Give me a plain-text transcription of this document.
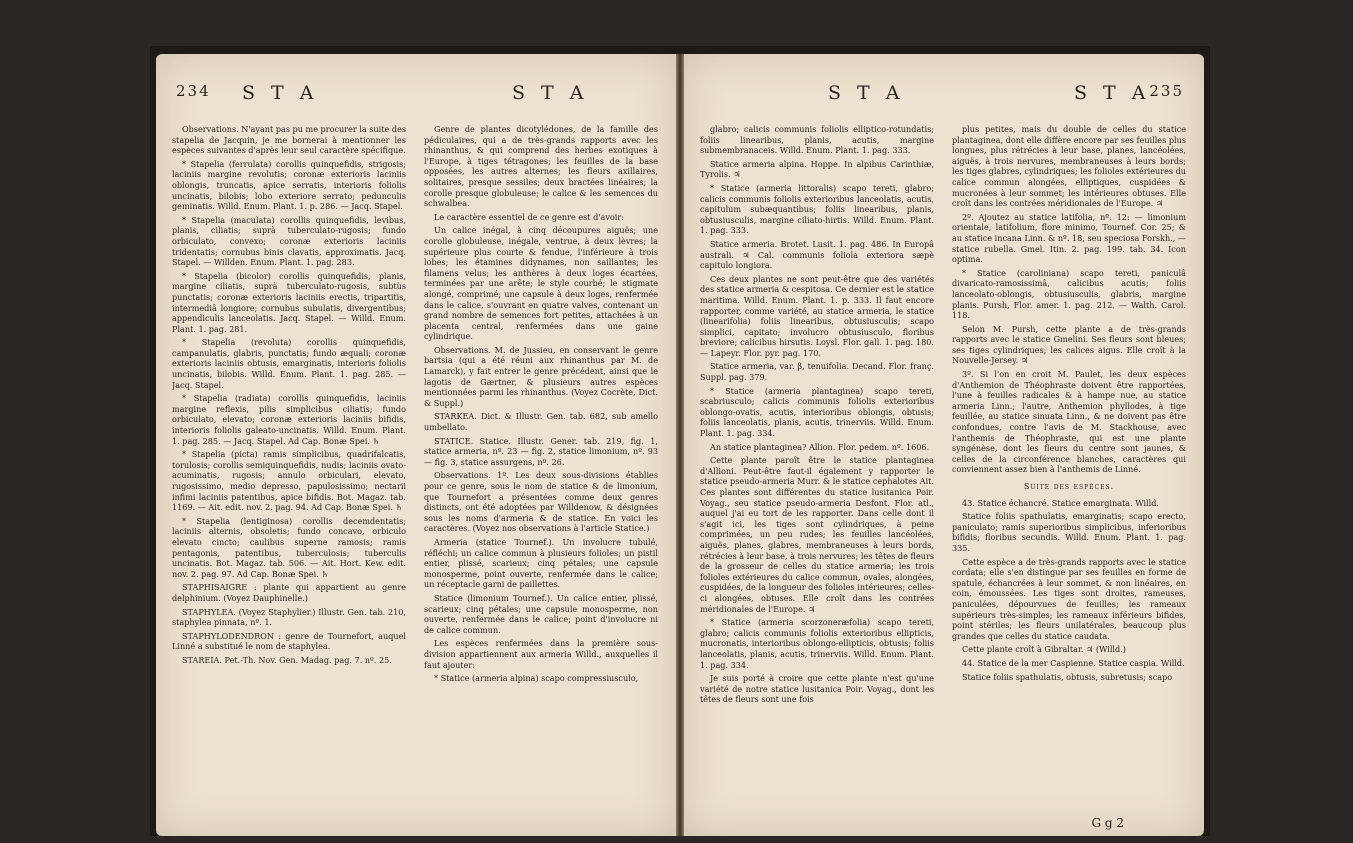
234 S T A	S T A

Observations. N'ayant pas pu me procurer la suite des stapelia de Jacquin, je me bornerai à mentionner les espèces suivantes d'après leur seul caractère spécifique.

* Stapelia (ferrulata) corollis quinquefidis, strigosis; laciniis margine revolutis; coronæ exterioris laciniis oblongis, truncatis, apice serratis, interioris foliolis uncinatis, bilobis; lobo exteriore serrato; pedunculis geminatis. Willd. Enum. Plant. 1. p. 286. — Jacq. Stapel.

* Stapelia (maculata) corollis quinquefidis, levibus, planis, ciliatis; suprà tuberculato-rugosis; fundo orbiculato, convexo; coronæ exterioris laciniis tridentatis; cornubus binis clavatis, approximatis. Jacq. Stapel. — Willden. Enum. Plant. 1. pag. 283.

* Stapelia (bicolor) corollis quinquefidis, planis, margine ciliatis, suprà tuberculato-rugosis, subtùs punctatis; coronæ exterioris laciniis erectis, tripartitis, intermediâ longiore; cornubus subulatis, divergentibus; appendiculis lanceolatis. Jacq. Stapel. — Willd. Enum. Plant. 1. pag. 281.

* Stapelia (revoluta) corollis quinquefidis, campanulatis, glabris, punctatis; fundo æquali; coronæ exterioris laciniis obtusis, emarginatis, interioris foliolis uncinatis, bilobis. Willd. Enum. Plant. 1. pag. 285. — Jacq. Stapel.

* Stapelia (radiata) corollis quinquefidis, laciniis margine reflexis, pilis simplicibus ciliatis; fundo orbiculato, elevato; coronæ exterioris laciniis bifidis, interioris foliolis galeato-uncinatis. Willd. Enum. Plant. 1. pag. 285. — Jacq. Stapel. Ad Cap. Bonæ Spei. ♄

* Stapelia (picta) ramis simplicibus, quadrifalcatis, torulosis; corollis semiquinquefidis, nudis; laciniis ovato-acuminatis, rugosis; annulo orbiculari, elevato, rugosissimo, medio depresso, papulosissimo; nectarii infimi laciniis patentibus, apice bifidis. Bot. Magaz. tab. 1169. — Ait. edit. nov. 2. pag. 94. Ad Cap. Bonæ Spei. ♄

* Stapelia (lentiginosa) corollis decemdentatis; laciniis alternis, obsoletis; fundo concavo, orbiculo elevato cincto; caulibus superne ramosis; ramis pentagonis, patentibus, tuberculosis; tuberculis uncinatis. Bot. Magaz. tab. 506. — Ait. Hort. Kew. edit. nov. 2. pag. 97. Ad Cap. Bonæ Spei. ♄

STAPHISAIGRE : plante qui appartient au genre delphinium. (Voyez Dauphinelle.)

STAPHYLEA. (Voyez Staphylier.) Illustr. Gen. tab. 210, staphylea pinnata, nº. 1.

STAPHYLODENDRON : genre de Tournefort, auquel Linné a substitué le nom de staphylea.

STAREIA. Pet.-Th. Nov. Gen. Madag. pag. 7. nº. 25.

Genre de plantes dicotylédones, de la famille des pédiculaires, qui a de très-grands rapports avec les rhinanthus, & qui comprend des herbes exotiques à l'Europe, à tiges tétragones; les feuilles de la base opposées, les autres alternes; les fleurs axillaires, solitaires, presque sessiles; deux bractées linéaires; la corolle presque globuleuse; le calice & les semences du schwalbea.

Le caractère essentiel de ce genre est d'avoir:

Un calice inégal, à cinq découpures aiguës; une corolle globuleuse, inégale, ventrue, à deux lèvres; la supérieure plus courte & fendue, l'inférieure à trois lobes; les étamines didynames, non saillantes; les filamens velus; les anthères à deux loges écartées, terminées par une arête; le style courbé; le stigmate alongé, comprimé; une capsule à deux loges, renfermée dans le calice, s'ouvrant en quatre valves, contenant un grand nombre de semences fort petites, attachées à un placenta central, renfermées dans une gaine cylindrique.

Observations. M. de Jussieu, en conservant le genre bartsia (qui a été réuni aux rhinanthus par M. de Lamarck), y fait entrer le genre précédent, ainsi que le lagotis de Gærtner, & plusieurs autres espèces mentionnées parmi les rhinanthus. (Voyez Cocrète, Dict. & Suppl.)

STARKEA. Dict. & Illustr. Gen. tab. 682, sub amello umbellato.

STATICE. Statice. Illustr. Gener. tab. 219, fig. 1, statice armeria, nº. 23 — fig. 2, statice limonium, nº. 93 — fig. 3, statice assurgens, nº. 26.

Observations. 1º. Les deux sous-divisions établies pour ce genre, sous le nom de statice & de limonium, que Tournefort a présentées comme deux genres distincts, ont été adoptées par Willdenow, & désignées sous les noms d'armeria & de statice. En voici les caractères. (Voyez nos observations à l'article Statice.)

Armeria (statice Tournef.). Un involucre tubulé, réfléchi; un calice commun à plusieurs folioles; un pistil entier, plissé, scarieux; cinq pétales; une capsule monosperme, point ouverte, renfermée dans le calice; un réceptacle garni de paillettes.

Statice (limonium Tournef.). Un calice entier, plissé, scarieux; cinq pétales; une capsule monosperme, non ouverte, renfermée dans le calice; point d'involucre ni de calice commun.

Les espèces renfermées dans la première sous-division appartiennent aux armeria Willd., auxquelles il faut ajouter:

* Statice (armeria alpina) scapo compressiusculo,

S T A	S T A
235

glabro; calicis communis foliolis elliptico-rotundatis; foliis linearibus, planis, acutis, margine submembranaceis. Willd. Enum. Plant. 1. pag. 333.

Statice armeria alpina. Hoppe. In alpibus Carinthiæ, Tyrolis. ♃

* Statice (armeria littoralis) scapo tereti, glabro; calicis communis foliolis exterioribus lanceolatis, acutis, capitulum subæquantibus; foliis linearibus, planis, obtusiusculis, margine ciliato-hirtis. Willd. Enum. Plant. 1. pag. 333.

Statice armeria. Brotet. Lusit. 1. pag. 486. In Europâ australi. ♃ Cal. communis foliola exteriora sæpè capitulo longiora.

Ces deux plantes ne sont peut-être que des variétés des statice armeria & cespitosa. Ce dernier est le statice maritima. Willd. Enum. Plant. 1. p. 333. Il faut encore rapporter, comme variété, au statice armeria, le statice (linearifolia) foliis linearibus, obtusiusculis; scapo simplici, capitato; involucro obtusiusculo, floribus breviore; calicibus hirsutis. Loysl. Flor. gall. 1. pag. 180. — Lapeyr. Flor. pyr. pag. 170.

Statice armeria, var. β, tenuifolia. Decand. Flor. franç. Suppl. pag. 379.

* Statice (armeria plantaginea) scapo tereti, scabriusculo; calicis communis foliolis exterioribus oblongo-ovatis, acutis, interioribus oblongis, obtusis; foliis lanceolatis, planis, acutis, trinerviis. Willd. Enum. Plant. 1. pag. 334.

An statice plantaginea? Allion. Flor. pedem. nº. 1606.

Cette plante paroît être le statice plantaginea d'Allioni. Peut-être faut-il également y rapporter le statice pseudo-armeria Murr. & le statice cephalotes Ait. Ces plantes sont différentes du statice lusitanica Poir. Voyag., seu statice pseudo-armeria Desfont. Flor. atl., auquel j'ai eu tort de les rapporter. Dans celle dont il s'agit ici, les tiges sont cylindriques, à peine comprimées, un peu rudes; les feuilles lancéolées, aiguës, planes, glabres, membraneuses à leurs bords, rétrécies à leur base, à trois nervures; les têtes de fleurs de la grosseur de celles du statice armeria; les trois folioles extérieures du calice commun, ovales, alongées, cuspidées, de la longueur des folioles intérieures; celles-ci alongées, obtuses. Elle croît dans les contrées méridionales de l'Europe. ♃

* Statice (armeria scorzoneræfolia) scapo tereti, glabro; calicis communis foliolis exterioribus ellipticis, mucronatis, interioribus oblongo-ellipticis, obtusis; foliis lanceolatis, planis, acutis, trinerviis. Willd. Enum. Plant. 1. pag. 334.

Je suis porté à croire que cette plante n'est qu'une variété de notre statice lusitanica Poir. Voyag., dont les têtes de fleurs sont une fois

plus petites, mais du double de celles du statice plantaginea, dont elle diffère encore par ses feuilles plus longues, plus rétrécies à leur base, planes, lancéolées, aiguës, à trois nervures, membraneuses à leurs bords; les tiges glabres, cylindriques; les folioles extérieures du calice commun alongées, elliptiques, cuspidées & mucronées à leur sommet; les intérieures obtuses. Elle croît dans les contrées méridionales de l'Europe. ♃

2º. Ajoutez au statice latifolia, nº. 12: — limonium orientale, latifolium, flore minimo, Tournef. Cor. 25; & au statice incana Linn. & nº. 18, seu speciosa Forskh., — statice rubella. Gmel. Itin. 2. pag. 199. tab. 34. Icon optima.

* Statice (caroliniana) scapo tereti, paniculâ divaricato-ramosissimâ, calicibus acutis; foliis lanceolato-oblongis, obtusiusculis, glabris, margine planis. Pursh, Flor. amer. 1. pag. 212. — Walth. Carol. 118.

Selon M. Pursh, cette plante a de très-grands rapports avec le statice Gmelini. Ses fleurs sont bleues; ses tiges cylindriques; les calices aigus. Elle croît à la Nouvelle-Jersey. ♃

3º. Si l'on en croit M. Paulet, les deux espèces d'Anthemion de Théophraste doivent être rapportées, l'une à feuilles radicales & à hampe nue, au statice armeria Linn.; l'autre, Anthemion phyllodes, à tige feuillée, au statice sinuata Linn., & ne doivent pas être confondues, contre l'avis de M. Stackhouse, avec l'anthemis de Théophraste, qui est une plante syngénèse, dont les fleurs du centre sont jaunes, & celles de la circonférence blanches, caractères qui conviennent assez bien à l'anthemis de Linné.

Suite des espèces.

43. Statice échancré. Statice emarginata. Willd.

Statice foliis spathulatis, emarginatis; scapo erecto, paniculato; ramis superioribus simplicibus, inferioribus bifidis; floribus secundis. Willd. Enum. Plant. 1. pag. 335.

Cette espèce a de très-grands rapports avec le statice cordata; elle s'en distingue par ses feuilles en forme de spatule, échancrées à leur sommet, & non linéaires, en coin, émoussées. Les tiges sont droites, rameuses, paniculées, dépourvues de feuilles; les rameaux supérieurs très-simples; les rameaux inférieurs bifides, point stériles; les fleurs unilatérales, beaucoup plus grandes que celles du statice caudata.

Cette plante croît à Gibraltar. ♃ (Willd.)

44. Statice de la mer Caspienne. Statice caspia. Willd.

Statice foliis spathulatis, obtusis, subretusis; scapo

G g 2
